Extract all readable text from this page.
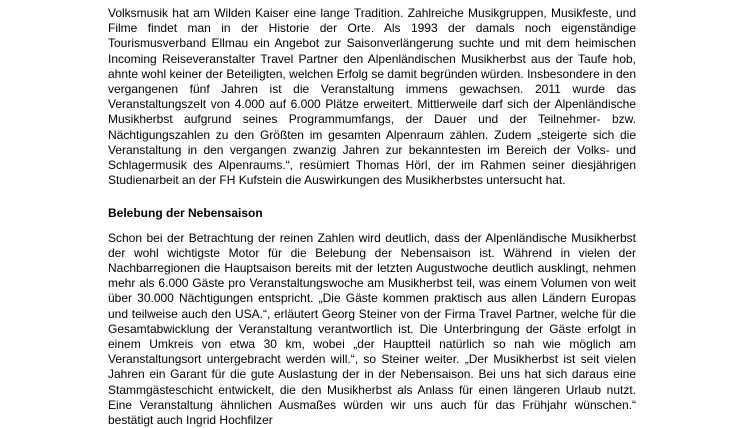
Volksmusik hat am Wilden Kaiser eine lange Tradition. Zahlreiche Musikgruppen, Musikfeste, und Filme findet man in der Historie der Orte. Als 1993 der damals noch eigenständige Tourismusverband Ellmau ein Angebot zur Saisonverlängerung suchte und mit dem heimischen Incoming Reiseveranstalter Travel Partner den Alpenländischen Musikherbst aus der Taufe hob, ahnte wohl keiner der Beteiligten, welchen Erfolg se damit begründen würden. Insbesondere in den vergangenen fünf Jahren ist die Veranstaltung immens gewachsen. 2011 wurde das Veranstaltungszelt von 4.000 auf 6.000 Plätze erweitert. Mittlerweile darf sich der Alpenländische Musikherbst aufgrund seines Programmumfangs, der Dauer und der Teilnehmer- bzw. Nächtigungszahlen zu den Größten im gesamten Alpenraum zählen. Zudem „steigerte sich die Veranstaltung in den vergangen zwanzig Jahren zur bekanntesten im Bereich der Volks- und Schlagermusik des Alpenraums.“, resümiert Thomas Hörl, der im Rahmen seiner diesjährigen Studienarbeit an der FH Kufstein die Auswirkungen des Musikherbstes untersucht hat.

Belebung der Nebensaison

Schon bei der Betrachtung der reinen Zahlen wird deutlich, dass der Alpenländische Musikherbst der wohl wichtigste Motor für die Belebung der Nebensaison ist. Während in vielen der Nachbarregionen die Hauptsaison bereits mit der letzten Augustwoche deutlich ausklingt, nehmen mehr als 6.000 Gäste pro Veranstaltungswoche am Musikherbst teil, was einem Volumen von weit über 30.000 Nächtigungen entspricht. „Die Gäste kommen praktisch aus allen Ländern Europas und teilweise auch den USA.“, erläutert Georg Steiner von der Firma Travel Partner, welche für die Gesamtabwicklung der Veranstaltung verantwortlich ist. Die Unterbringung der Gäste erfolgt in einem Umkreis von etwa 30 km, wobei „der Hauptteil natürlich so nah wie möglich am Veranstaltungsort untergebracht werden will.“, so Steiner weiter. „Der Musikherbst ist seit vielen Jahren ein Garant für die gute Auslastung der in der Nebensaison. Bei uns hat sich daraus eine Stammgästeschicht entwickelt, die den Musikherbst als Anlass für einen längeren Urlaub nutzt. Eine Veranstaltung ähnlichen Ausmaßes würden wir uns auch für das Frühjahr wünschen.“ bestätigt auch Ingrid Hochfilzer
